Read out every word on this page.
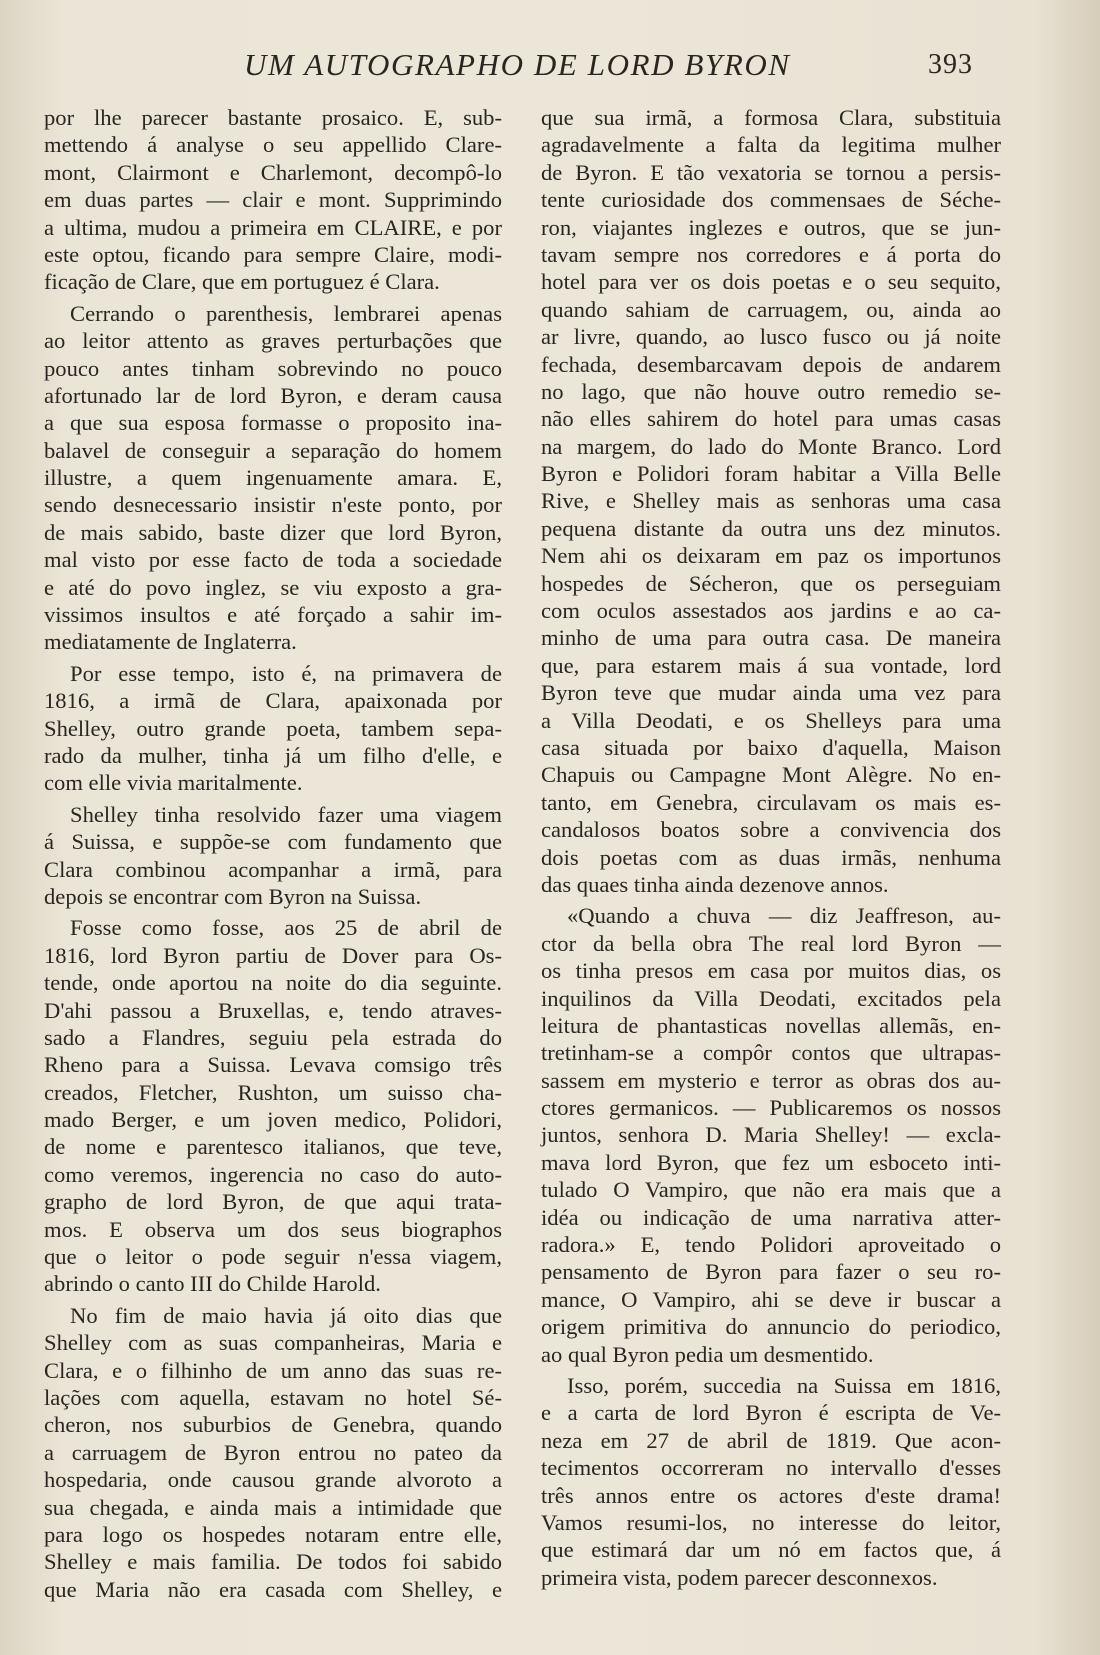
UM AUTOGRAPHO DE LORD BYRON	393
por lhe parecer bastante prosaico. E, sub-
mettendo á analyse o seu appellido Clare-
mont, Clairmont e Charlemont, decompô-lo
em duas partes — clair e mont. Supprimindo
a ultima, mudou a primeira em CLAIRE, e por
este optou, ficando para sempre Claire, modi-
ficação de Clare, que em portuguez é Clara.
Cerrando o parenthesis, lembrarei apenas
ao leitor attento as graves perturbações que
pouco antes tinham sobrevindo no pouco
afortunado lar de lord Byron, e deram causa
a que sua esposa formasse o proposito ina-
balavel de conseguir a separação do homem
illustre, a quem ingenuamente amara. E,
sendo desnecessario insistir n'este ponto, por
de mais sabido, baste dizer que lord Byron,
mal visto por esse facto de toda a sociedade
e até do povo inglez, se viu exposto a gra-
vissimos insultos e até forçado a sahir im-
mediatamente de Inglaterra.
Por esse tempo, isto é, na primavera de
1816, a irmã de Clara, apaixonada por
Shelley, outro grande poeta, tambem sepa-
rado da mulher, tinha já um filho d'elle, e
com elle vivia maritalmente.
Shelley tinha resolvido fazer uma viagem
á Suissa, e suppõe-se com fundamento que
Clara combinou acompanhar a irmã, para
depois se encontrar com Byron na Suissa.
Fosse como fosse, aos 25 de abril de
1816, lord Byron partiu de Dover para Os-
tende, onde aportou na noite do dia seguinte.
D'ahi passou a Bruxellas, e, tendo atraves-
sado a Flandres, seguiu pela estrada do
Rheno para a Suissa. Levava comsigo três
creados, Fletcher, Rushton, um suisso cha-
mado Berger, e um joven medico, Polidori,
de nome e parentesco italianos, que teve,
como veremos, ingerencia no caso do auto-
grapho de lord Byron, de que aqui trata-
mos. E observa um dos seus biographos
que o leitor o pode seguir n'essa viagem,
abrindo o canto III do Childe Harold.
No fim de maio havia já oito dias que
Shelley com as suas companheiras, Maria e
Clara, e o filhinho de um anno das suas re-
lações com aquella, estavam no hotel Sé-
cheron, nos suburbios de Genebra, quando
a carruagem de Byron entrou no pateo da
hospedaria, onde causou grande alvoroto a
sua chegada, e ainda mais a intimidade que
para logo os hospedes notaram entre elle,
Shelley e mais familia. De todos foi sabido
que Maria não era casada com Shelley, e
que sua irmã, a formosa Clara, substituia
agradavelmente a falta da legitima mulher
de Byron. E tão vexatoria se tornou a persis-
tente curiosidade dos commensaes de Séche-
ron, viajantes inglezes e outros, que se jun-
tavam sempre nos corredores e á porta do
hotel para ver os dois poetas e o seu sequito,
quando sahiam de carruagem, ou, ainda ao
ar livre, quando, ao lusco fusco ou já noite
fechada, desembarcavam depois de andarem
no lago, que não houve outro remedio se-
não elles sahirem do hotel para umas casas
na margem, do lado do Monte Branco. Lord
Byron e Polidori foram habitar a Villa Belle
Rive, e Shelley mais as senhoras uma casa
pequena distante da outra uns dez minutos.
Nem ahi os deixaram em paz os importunos
hospedes de Sécheron, que os perseguiam
com oculos assestados aos jardins e ao ca-
minho de uma para outra casa. De maneira
que, para estarem mais á sua vontade, lord
Byron teve que mudar ainda uma vez para
a Villa Deodati, e os Shelleys para uma
casa situada por baixo d'aquella, Maison
Chapuis ou Campagne Mont Alègre. No en-
tanto, em Genebra, circulavam os mais es-
candalosos boatos sobre a convivencia dos
dois poetas com as duas irmãs, nenhuma
das quaes tinha ainda dezenove annos.
«Quando a chuva — diz Jeaffreson, au-
ctor da bella obra The real lord Byron —
os tinha presos em casa por muitos dias, os
inquilinos da Villa Deodati, excitados pela
leitura de phantasticas novellas allemãs, en-
tretinham-se a compôr contos que ultrapas-
sassem em mysterio e terror as obras dos au-
ctores germanicos. — Publicaremos os nossos
juntos, senhora D. Maria Shelley! — excla-
mava lord Byron, que fez um esboceto inti-
tulado O Vampiro, que não era mais que a
idéa ou indicação de uma narrativa atter-
radora.» E, tendo Polidori aproveitado o
pensamento de Byron para fazer o seu ro-
mance, O Vampiro, ahi se deve ir buscar a
origem primitiva do annuncio do periodico,
ao qual Byron pedia um desmentido.
Isso, porém, succedia na Suissa em 1816,
e a carta de lord Byron é escripta de Ve-
neza em 27 de abril de 1819. Que acon-
tecimentos occorreram no intervallo d'esses
três annos entre os actores d'este drama!
Vamos resumi-los, no interesse do leitor,
que estimará dar um nó em factos que, á
primeira vista, podem parecer desconnexos.
